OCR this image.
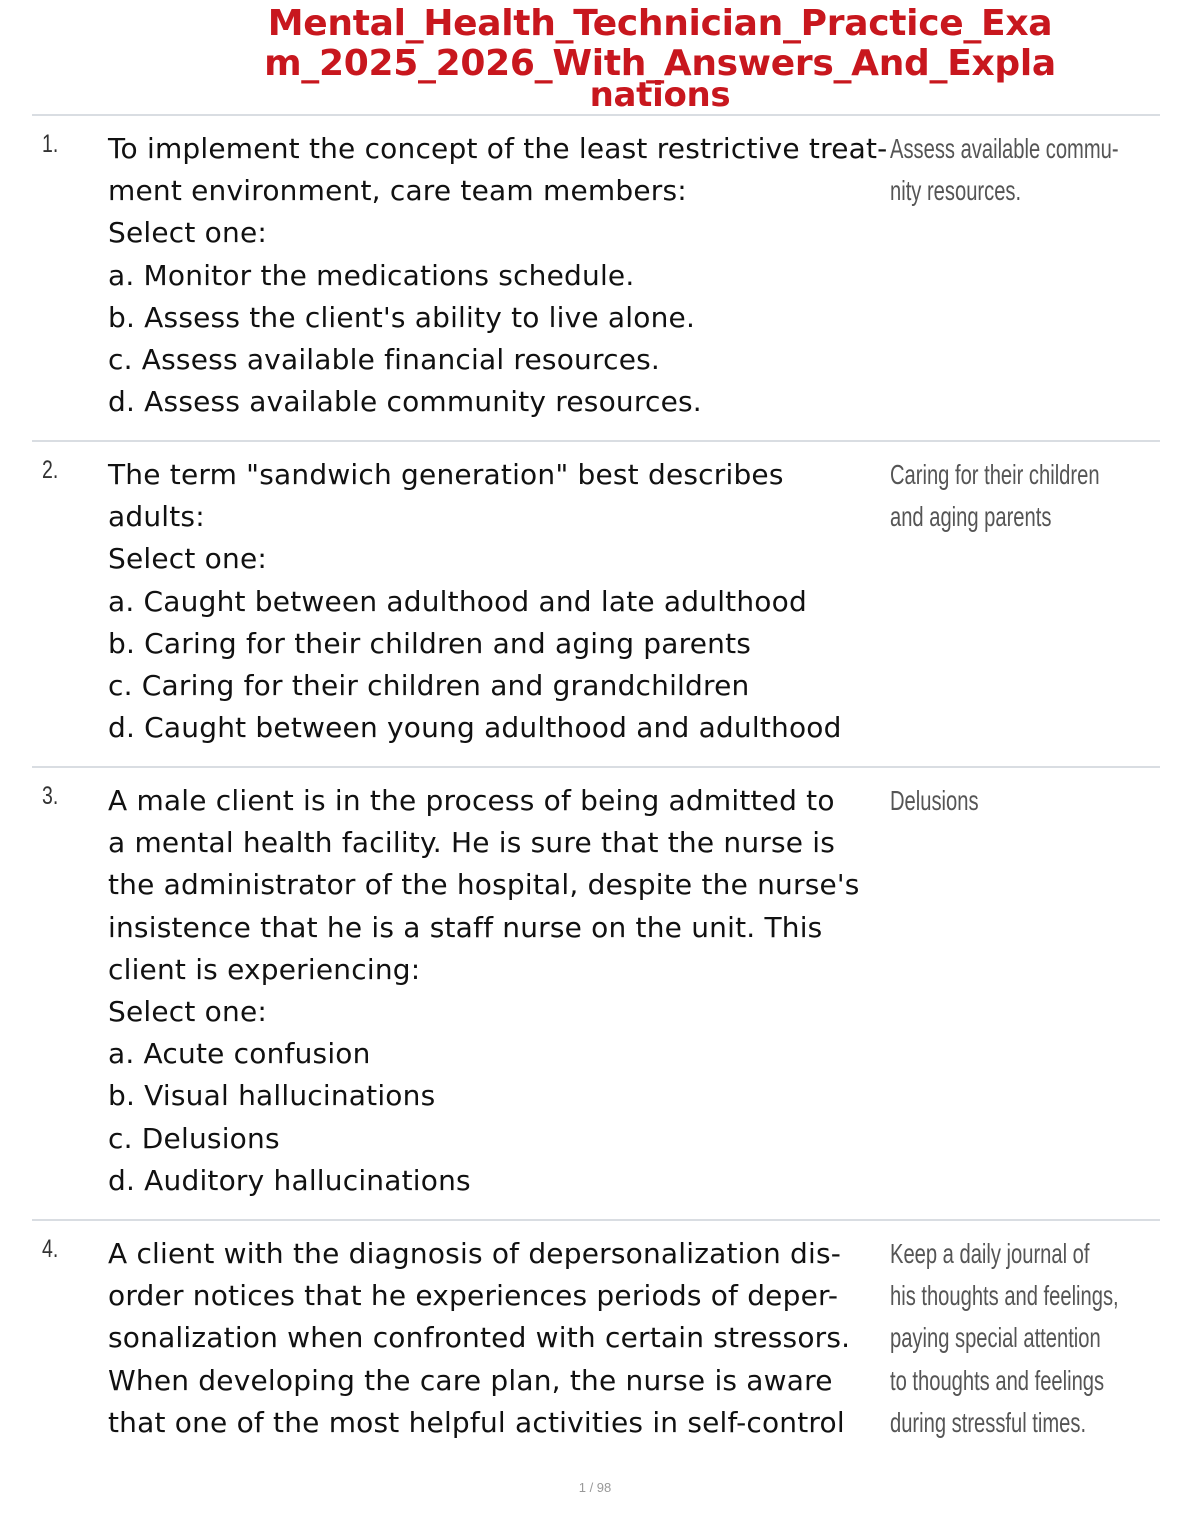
Mental_Health_Technician_Practice_Exa
m_2025_2026_With_Answers_And_Expla
nations
1. To implement the concept of the least restrictive treat-
ment environment, care team members:
Select one:
a. Monitor the medications schedule.
b. Assess the client's ability to live alone.
c. Assess available financial resources.
d. Assess available community resources.
Assess available commu-
nity resources.
2. The term "sandwich generation" best describes
adults:
Select one:
a. Caught between adulthood and late adulthood
b. Caring for their children and aging parents
c. Caring for their children and grandchildren
d. Caught between young adulthood and adulthood
Caring for their children
and aging parents
3. A male client is in the process of being admitted to
a mental health facility. He is sure that the nurse is
the administrator of the hospital, despite the nurse's
insistence that he is a staff nurse on the unit. This
client is experiencing:
Select one:
a. Acute confusion
b. Visual hallucinations
c. Delusions
d. Auditory hallucinations
Delusions
4. A client with the diagnosis of depersonalization dis-
order notices that he experiences periods of deper-
sonalization when confronted with certain stressors.
When developing the care plan, the nurse is aware
that one of the most helpful activities in self-control
Keep a daily journal of
his thoughts and feelings,
paying special attention
to thoughts and feelings
during stressful times.
1 / 98
